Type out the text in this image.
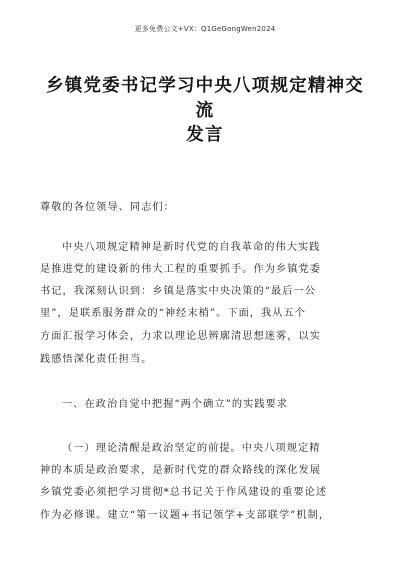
更多免费公文+VX：Q1GeGongWen2024
乡镇党委书记学习中央八项规定精神交流
发言
尊敬的各位领导、同志们：
中央八项规定精神是新时代党的自我革命的伟大实践
是推进党的建设新的伟大工程的重要抓手。作为乡镇党委
书记，我深刻认识到：乡镇是落实中央决策的“最后一公
里”，是联系服务群众的“神经末梢”。下面，我从五个
方面汇报学习体会，力求以理论思辨廓清思想迷雾，以实
践感悟深化责任担当。
一、在政治自觉中把握“两个确立”的实践要求
（一）理论清醒是政治坚定的前提。中央八项规定精
神的本质是政治要求，是新时代党的群众路线的深化发展
乡镇党委必须把学习贯彻*总书记关于作风建设的重要论述
作为必修课。建立“第一议题+书记领学+支部联学”机制，
